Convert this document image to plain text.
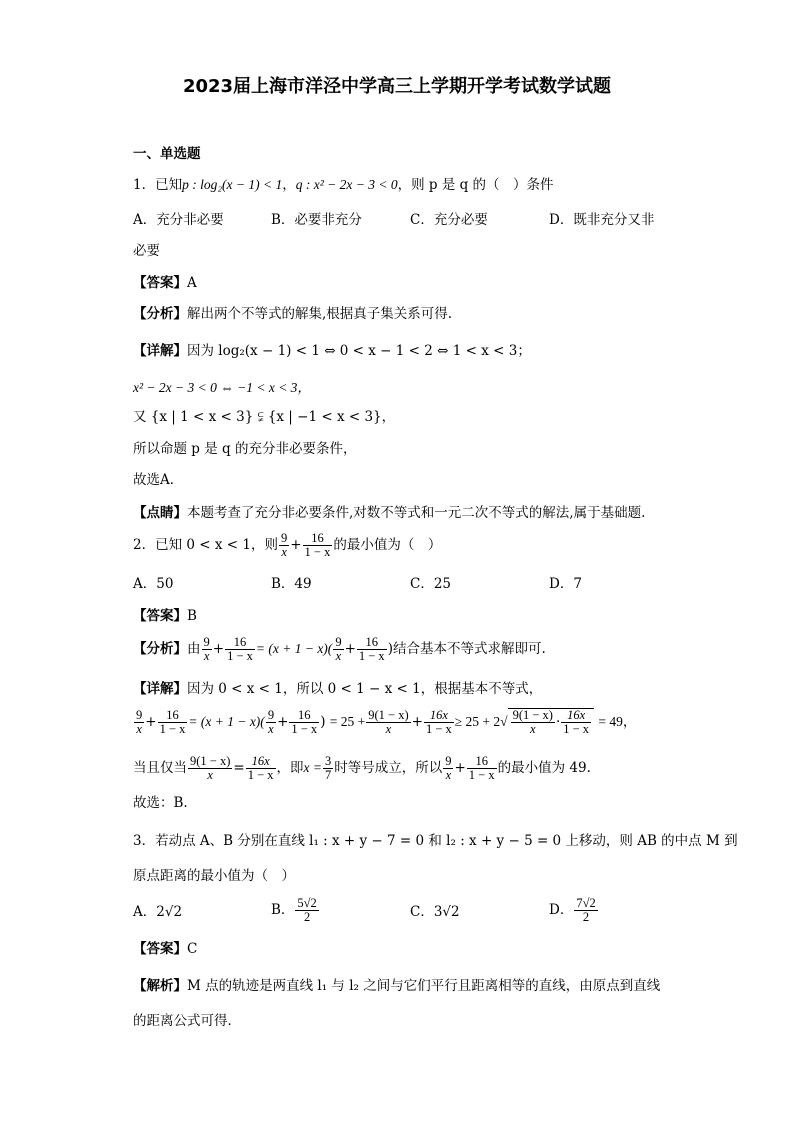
2023届上海市洋泾中学高三上学期开学考试数学试题
一、单选题
1．已知p : log₂(x − 1) < 1，q : x² − 2x − 3 < 0，则 p 是 q 的（　）条件
A．充分非必要	B．必要非充分	C．充分必要	D．既非充分又非
必要
【答案】A
【分析】解出两个不等式的解集,根据真子集关系可得.
【详解】因为 log₂(x − 1) < 1 ⇔ 0 < x − 1 < 2 ⇔ 1 < x < 3；
x² − 2x − 3 < 0 ⇔ −1 < x < 3，
又 {x | 1 < x < 3} ⫋ {x | −1 < x < 3}，
所以命题 p 是 q 的充分非必要条件，
故选A．
【点睛】本题考查了充分非必要条件,对数不等式和一元二次不等式的解法,属于基础题.
2．已知 0 < x < 1，则 $\frac{9}{x} + \frac{16}{1 - x}$ 的最小值为（　）
A．50	B．49	C．25	D．7
【答案】B
【分析】由 $\frac{9}{x} + \frac{16}{1 - x} = (x + 1 - x)( \frac{9}{x} + \frac{16}{1 - x}$ )结合基本不等式求解即可.
【详解】因为 0 < x < 1，所以 0 < 1 − x < 1，根据基本不等式，
$\frac{9}{x} + \frac{16}{1 - x} = (x + 1 - x)( \frac{9}{x} + \frac{16}{1 - x}$ ) = $25 + \frac{9(1 - x)}{x} + \frac{16x}{1 - x} \ge 25 + 2√ \frac{9(1 - x)}{x} \cdot \frac{16x}{1 - x} = 49$，
当且仅当 $\frac{9(1 - x)}{x} = \frac{16x}{1 - x}$ ，即$x = \frac{3}{7}$ 时等号成立，所以 $\frac{9}{x} + \frac{16}{1 - x}$ 的最小值为 49.
故选：B.
3．若动点 A、B 分别在直线 l₁ : x + y − 7 = 0 和 l₂ : x + y − 5 = 0 上移动，则 AB 的中点 M 到
原点距离的最小值为（　）
A．2√2	B． $\frac{5√2}{2}$	C．3√2	D． $\frac{7√2}{2}$
【答案】C
【解析】M 点的轨迹是两直线 l₁ 与 l₂ 之间与它们平行且距离相等的直线，由原点到直线
的距离公式可得．
